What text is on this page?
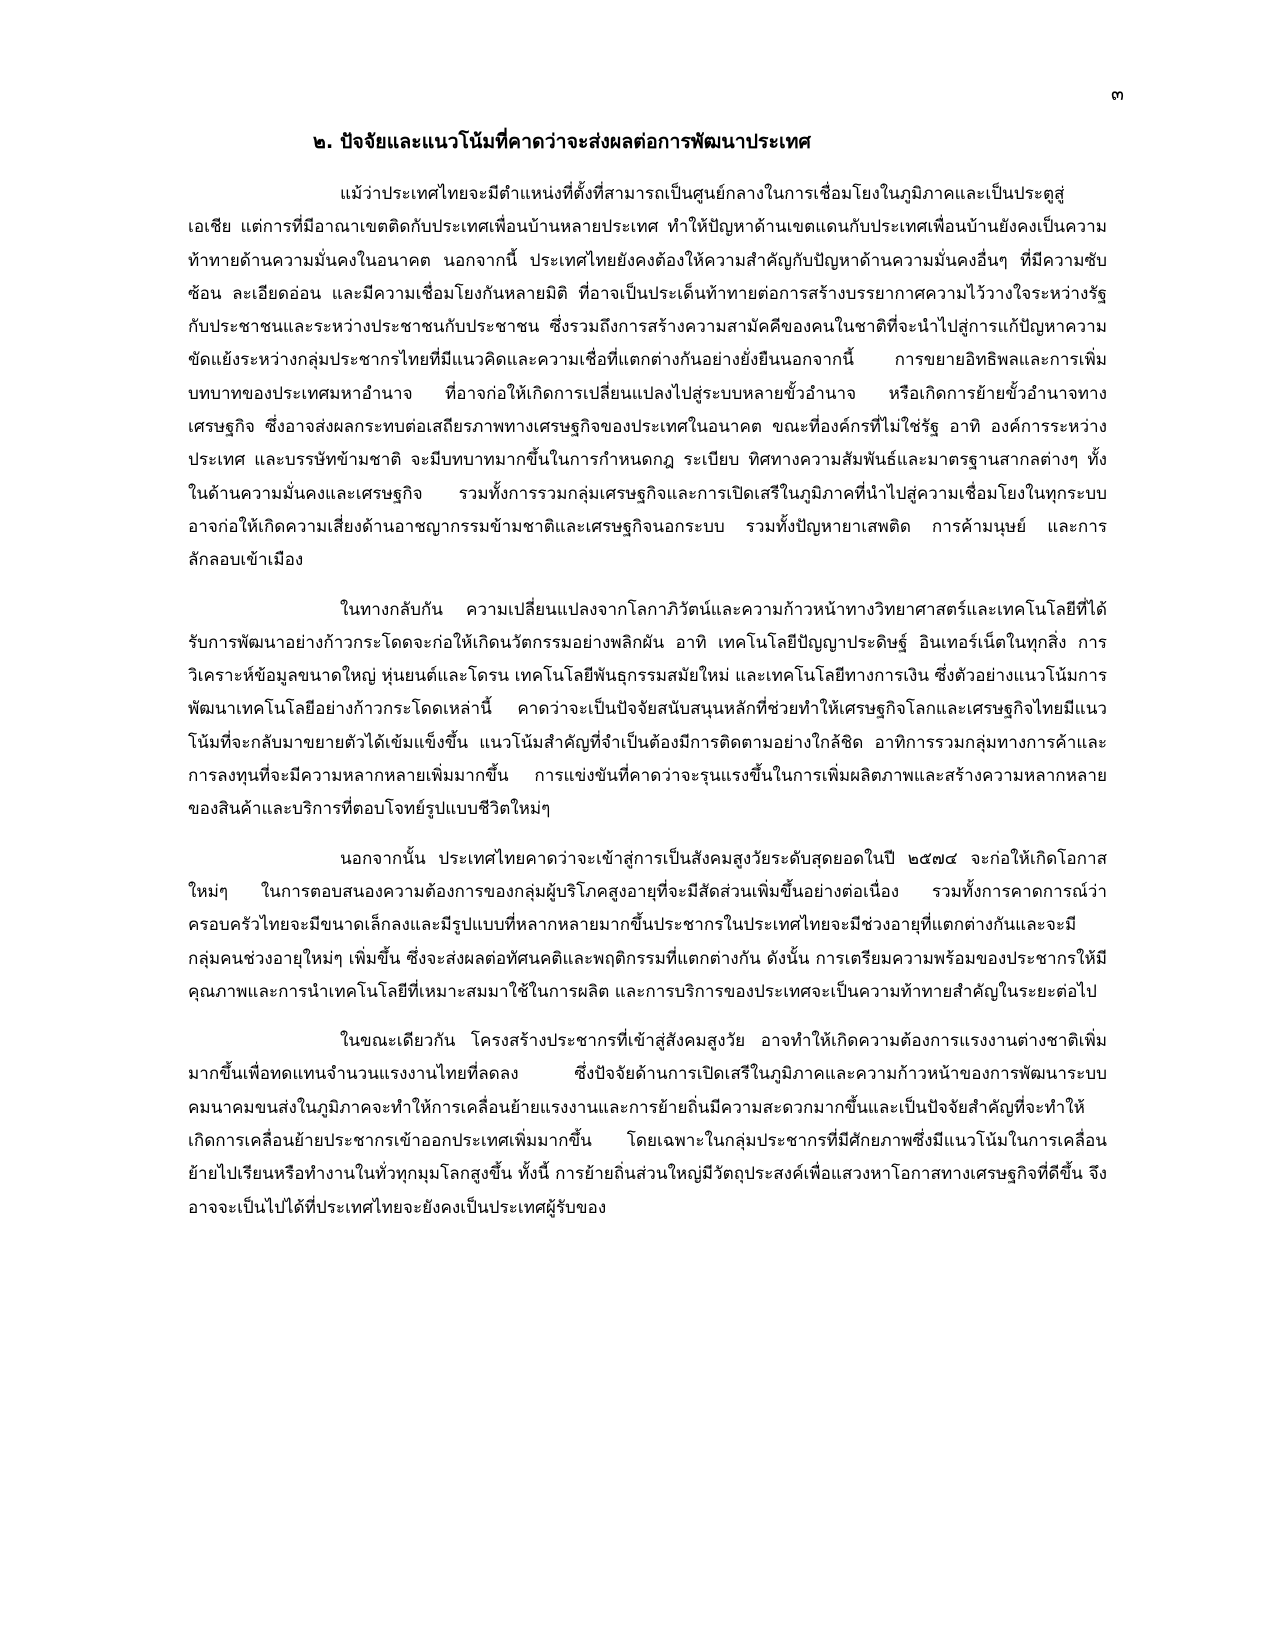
๓
๒. ปัจจัยและแนวโน้มที่คาดว่าจะส่งผลต่อการพัฒนาประเทศ

แม้ว่าประเทศไทยจะมีตำแหน่งที่ตั้งที่สามารถเป็นศูนย์กลางในการเชื่อมโยงในภูมิภาคและเป็นประตูสู่เอเชีย แต่การที่มีอาณาเขตติดกับประเทศเพื่อนบ้านหลายประเทศ ทำให้ปัญหาด้านเขตแดนกับประเทศเพื่อนบ้านยังคงเป็นความท้าทายด้านความมั่นคงในอนาคต นอกจากนี้ ประเทศไทยยังคงต้องให้ความสำคัญกับปัญหาด้านความมั่นคงอื่นๆ ที่มีความซับซ้อน ละเอียดอ่อน และมีความเชื่อมโยงกันหลายมิติ ที่อาจเป็นประเด็นท้าทายต่อการสร้างบรรยากาศความไว้วางใจระหว่างรัฐกับประชาชนและระหว่างประชาชนกับประชาชน ซึ่งรวมถึงการสร้างความสามัคคีของคนในชาติที่จะนำไปสู่การแก้ปัญหาความขัดแย้งระหว่างกลุ่มประชากรไทยที่มีแนวคิดและความเชื่อที่แตกต่างกันอย่างยั่งยืนนอกจากนี้ การขยายอิทธิพลและการเพิ่มบทบาทของประเทศมหาอำนาจ ที่อาจก่อให้เกิดการเปลี่ยนแปลงไปสู่ระบบหลายขั้วอำนาจ หรือเกิดการย้ายขั้วอำนาจทางเศรษฐกิจ ซึ่งอาจส่งผลกระทบต่อเสถียรภาพทางเศรษฐกิจของประเทศในอนาคต ขณะที่องค์กรที่ไม่ใช่รัฐ อาทิ องค์การระหว่างประเทศ และบรรษัทข้ามชาติ จะมีบทบาทมากขึ้นในการกำหนดกฎ ระเบียบ ทิศทางความสัมพันธ์และมาตรฐานสากลต่างๆ ทั้งในด้านความมั่นคงและเศรษฐกิจ รวมทั้งการรวมกลุ่มเศรษฐกิจและการเปิดเสรีในภูมิภาคที่นำไปสู่ความเชื่อมโยงในทุกระบบ อาจก่อให้เกิดความเสี่ยงด้านอาชญากรรมข้ามชาติและเศรษฐกิจนอกระบบ รวมทั้งปัญหายาเสพติด การค้ามนุษย์ และการลักลอบเข้าเมือง

ในทางกลับกัน ความเปลี่ยนแปลงจากโลกาภิวัตน์และความก้าวหน้าทางวิทยาศาสตร์และเทคโนโลยีที่ได้รับการพัฒนาอย่างก้าวกระโดดจะก่อให้เกิดนวัตกรรมอย่างพลิกผัน อาทิ เทคโนโลยีปัญญาประดิษฐ์ อินเทอร์เน็ตในทุกสิ่ง การวิเคราะห์ข้อมูลขนาดใหญ่ หุ่นยนต์และโดรน เทคโนโลยีพันธุกรรมสมัยใหม่ และเทคโนโลยีทางการเงิน ซึ่งตัวอย่างแนวโน้มการพัฒนาเทคโนโลยีอย่างก้าวกระโดดเหล่านี้ คาดว่าจะเป็นปัจจัยสนับสนุนหลักที่ช่วยทำให้เศรษฐกิจโลกและเศรษฐกิจไทยมีแนวโน้มที่จะกลับมาขยายตัวได้เข้มแข็งขึ้น แนวโน้มสำคัญที่จำเป็นต้องมีการติดตามอย่างใกล้ชิด อาทิการรวมกลุ่มทางการค้าและการลงทุนที่จะมีความหลากหลายเพิ่มมากขึ้น การแข่งขันที่คาดว่าจะรุนแรงขึ้นในการเพิ่มผลิตภาพและสร้างความหลากหลายของสินค้าและบริการที่ตอบโจทย์รูปแบบชีวิตใหม่ๆ

นอกจากนั้น ประเทศไทยคาดว่าจะเข้าสู่การเป็นสังคมสูงวัยระดับสุดยอดในปี ๒๕๗๔ จะก่อให้เกิดโอกาสใหม่ๆ ในการตอบสนองความต้องการของกลุ่มผู้บริโภคสูงอายุที่จะมีสัดส่วนเพิ่มขึ้นอย่างต่อเนื่อง รวมทั้งการคาดการณ์ว่าครอบครัวไทยจะมีขนาดเล็กลงและมีรูปแบบที่หลากหลายมากขึ้นประชากรในประเทศไทยจะมีช่วงอายุที่แตกต่างกันและจะมีกลุ่มคนช่วงอายุใหม่ๆ เพิ่มขึ้น ซึ่งจะส่งผลต่อทัศนคติและพฤติกรรมที่แตกต่างกัน ดังนั้น การเตรียมความพร้อมของประชากรให้มีคุณภาพและการนำเทคโนโลยีที่เหมาะสมมาใช้ในการผลิต และการบริการของประเทศจะเป็นความท้าทายสำคัญในระยะต่อไป

ในขณะเดียวกัน โครงสร้างประชากรที่เข้าสู่สังคมสูงวัย อาจทำให้เกิดความต้องการแรงงานต่างชาติเพิ่มมากขึ้นเพื่อทดแทนจำนวนแรงงานไทยที่ลดลง ซึ่งปัจจัยด้านการเปิดเสรีในภูมิภาคและความก้าวหน้าของการพัฒนาระบบคมนาคมขนส่งในภูมิภาคจะทำให้การเคลื่อนย้ายแรงงานและการย้ายถิ่นมีความสะดวกมากขึ้นและเป็นปัจจัยสำคัญที่จะทำให้เกิดการเคลื่อนย้ายประชากรเข้าออกประเทศเพิ่มมากขึ้น โดยเฉพาะในกลุ่มประชากรที่มีศักยภาพซึ่งมีแนวโน้มในการเคลื่อนย้ายไปเรียนหรือทำงานในทั่วทุกมุมโลกสูงขึ้น ทั้งนี้ การย้ายถิ่นส่วนใหญ่มีวัตถุประสงค์เพื่อแสวงหาโอกาสทางเศรษฐกิจที่ดีขึ้น จึงอาจจะเป็นไปได้ที่ประเทศไทยจะยังคงเป็นประเทศผู้รับของ
